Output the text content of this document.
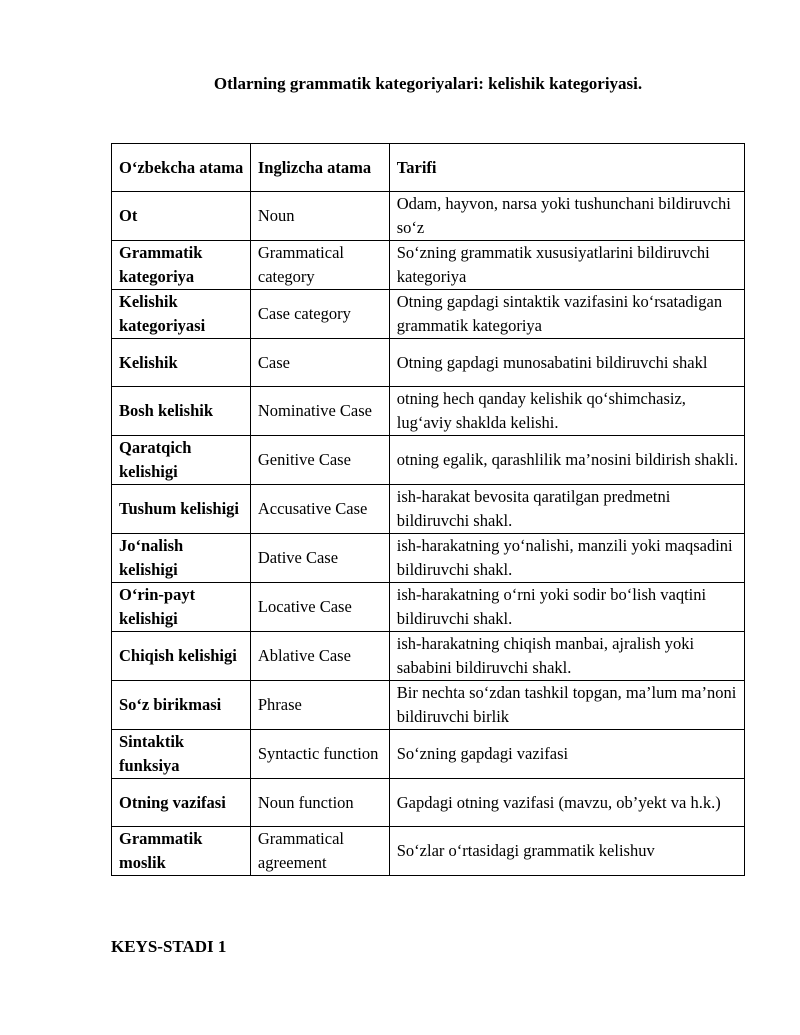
Otlarning grammatik kategoriyalari: kelishik kategoriyasi.
O‘zbekcha atama	Inglizcha atama	Tarifi
Ot	Noun	Odam, hayvon, narsa yoki tushunchani bildiruvchi so‘z
Grammatik kategoriya	Grammatical category	So‘zning grammatik xususiyatlarini bildiruvchi kategoriya
Kelishik kategoriyasi	Case category	Otning gapdagi sintaktik vazifasini ko‘rsatadigan grammatik kategoriya
Kelishik	Case	Otning gapdagi munosabatini bildiruvchi shakl
Bosh kelishik	Nominative Case	otning hech qanday kelishik qo‘shimchasiz, lug‘aviy shaklda kelishi.
Qaratqich kelishigi	Genitive Case	otning egalik, qarashlilik ma’nosini bildirish shakli.
Tushum kelishigi	Accusative Case	ish-harakat bevosita qaratilgan predmetni bildiruvchi shakl.
Jo‘nalish kelishigi	Dative Case	ish-harakatning yo‘nalishi, manzili yoki maqsadini bildiruvchi shakl.
O‘rin-payt kelishigi	Locative Case	ish-harakatning o‘rni yoki sodir bo‘lish vaqtini bildiruvchi shakl.
Chiqish kelishigi	Ablative Case	ish-harakatning chiqish manbai, ajralish yoki sababini bildiruvchi shakl.
So‘z birikmasi	Phrase	Bir nechta so‘zdan tashkil topgan, ma’lum ma’noni bildiruvchi birlik
Sintaktik funksiya	Syntactic function	So‘zning gapdagi vazifasi
Otning vazifasi	Noun function	Gapdagi otning vazifasi (mavzu, ob’yekt va h.k.)
Grammatik moslik	Grammatical agreement	So‘zlar o‘rtasidagi grammatik kelishuv
KEYS-STADI 1
